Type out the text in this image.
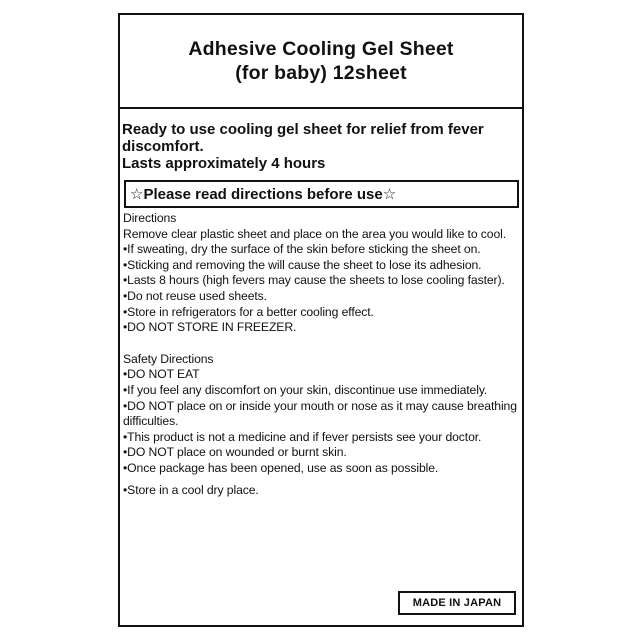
Adhesive Cooling Gel Sheet
(for baby) 12sheet

Ready to use cooling gel sheet for relief from fever discomfort.

Lasts approximately 4 hours

☆Please read directions before use☆

Directions

Remove clear plastic sheet and place on the area you would like to cool.

•If sweating, dry the surface of the skin before sticking the sheet on.

•Sticking and removing the will cause the sheet to lose its adhesion.

•Lasts 8 hours (high fevers may cause the sheets to lose cooling faster).

•Do not reuse used sheets.

•Store in refrigerators for a better cooling effect.

•DO NOT STORE IN FREEZER.

Safety Directions

•DO NOT EAT

•If you feel any discomfort on your skin, discontinue use immediately.

•DO NOT place on or inside your mouth or nose as it may cause breathing difficulties.

•This product is not a medicine and if fever persists see your doctor.

•DO NOT place on wounded or burnt skin.

•Once package has been opened, use as soon as possible.

•Store in a cool dry place.

MADE IN JAPAN
